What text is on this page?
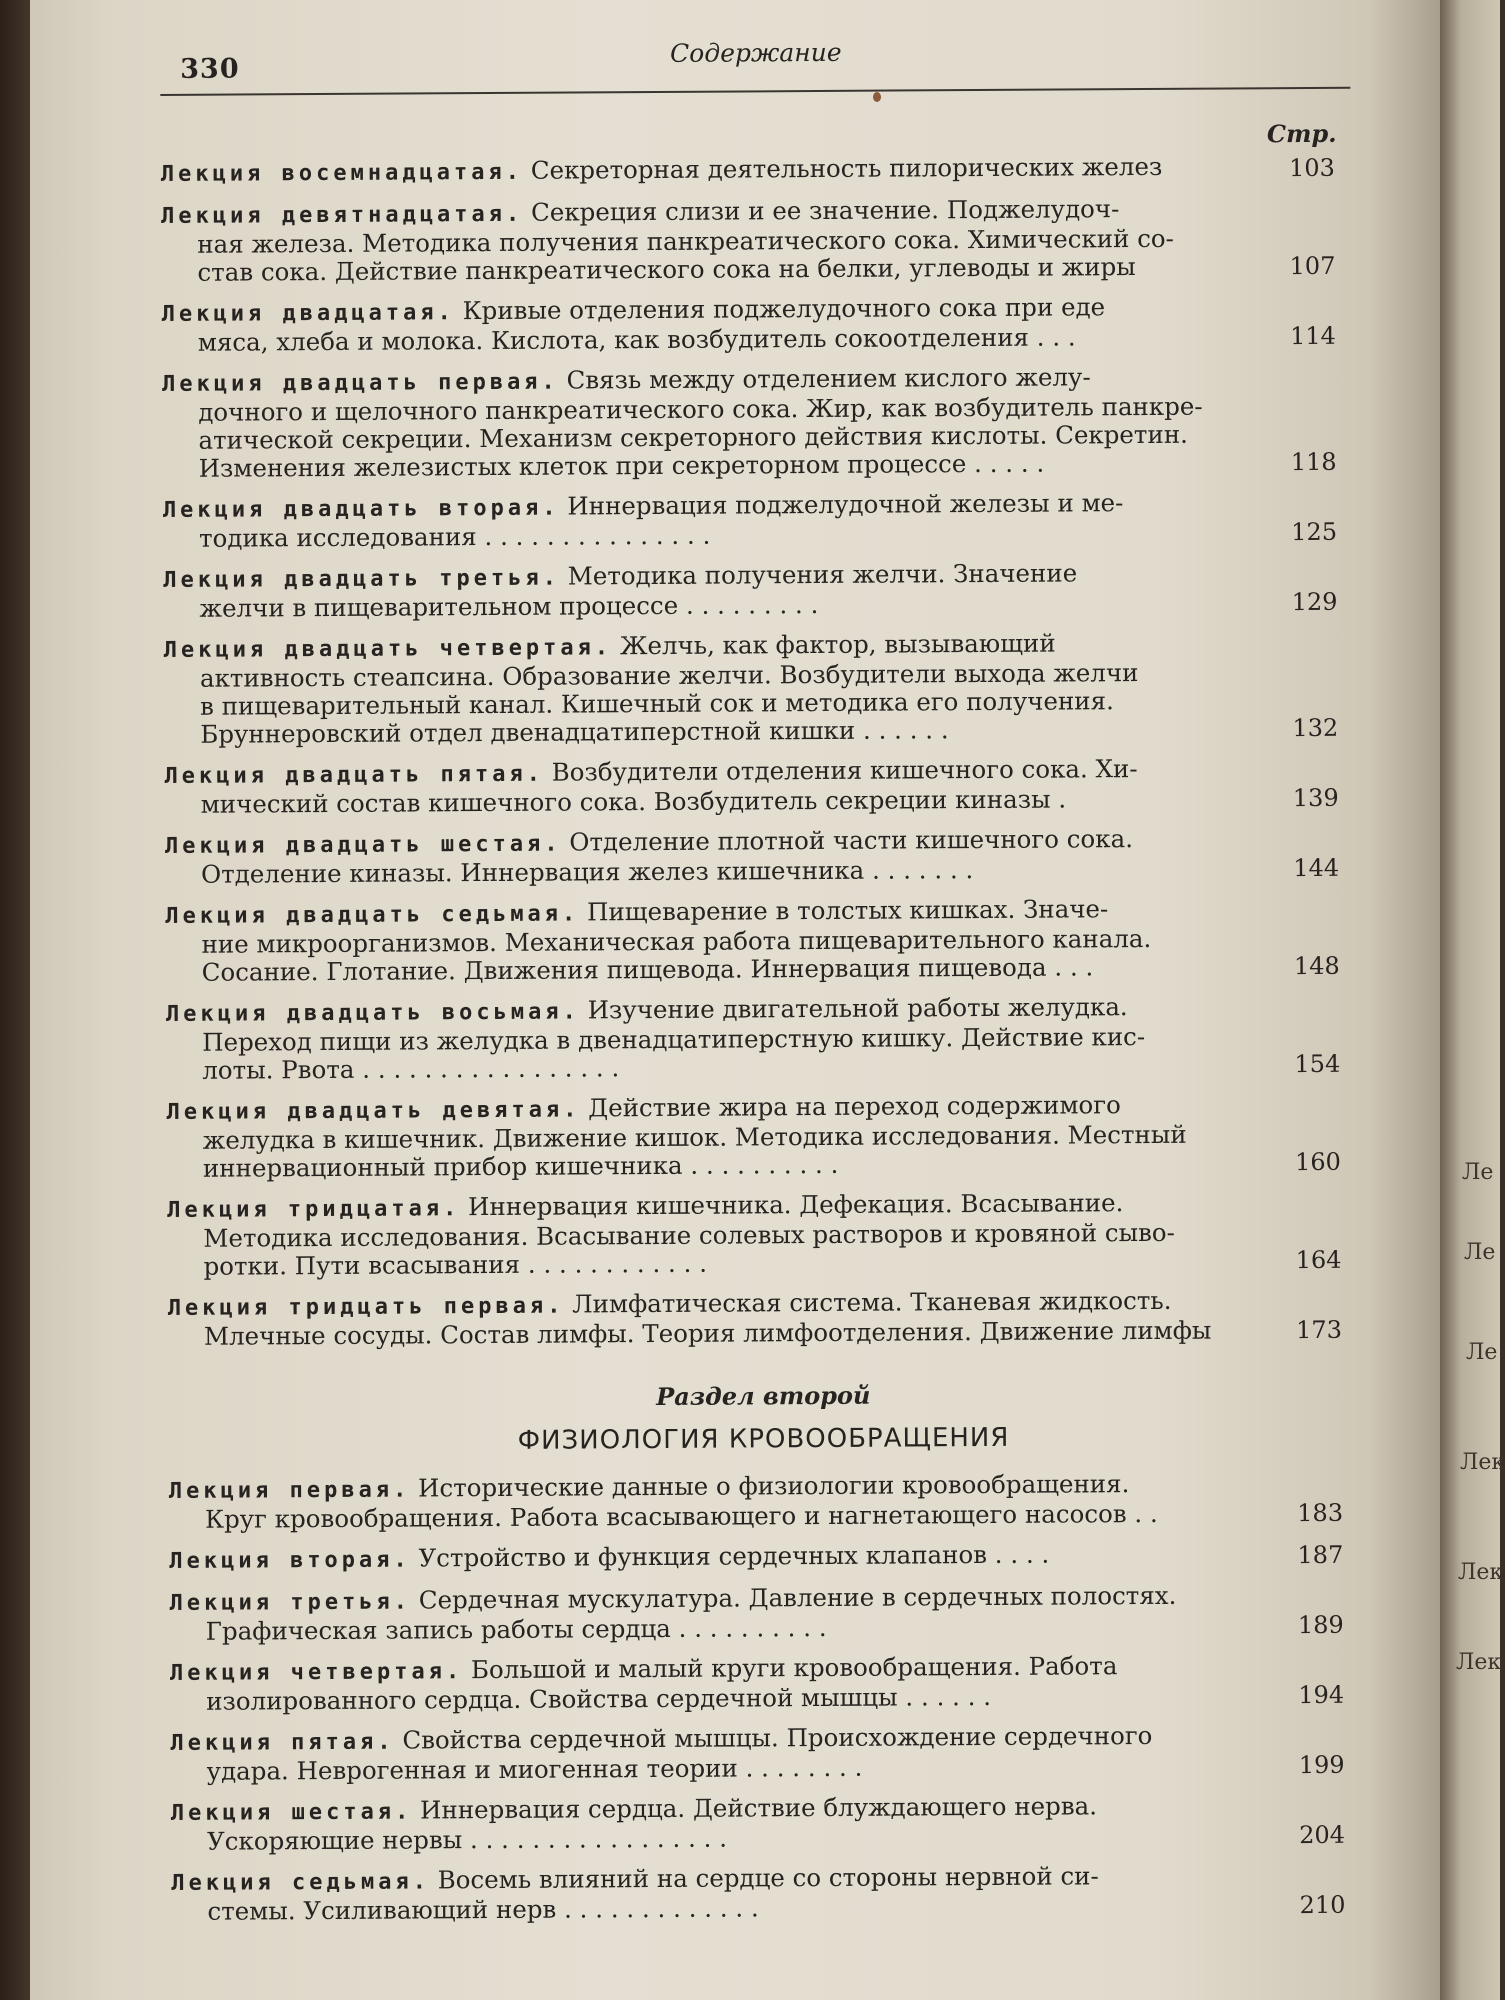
Ле
Ле
Ле
Лек
Лек
Лек
330
Содержание
Стр.
Лекция восемнадцатая. Секреторная деятельность пилорических желез	103
Лекция девятнадцатая. Секреция слизи и ее значение. Поджелудоч-
ная железа. Методика получения панкреатического сока. Химический со-
став сока. Действие панкреатического сока на белки, углеводы и жиры	107
Лекция двадцатая. Кривые отделения поджелудочного сока при еде
мяса, хлеба и молока. Кислота, как возбудитель сокоотделения . . .	114
Лекция двадцать первая. Связь между отделением кислого желу-
дочного и щелочного панкреатического сока. Жир, как возбудитель панкре-
атической секреции. Механизм секреторного действия кислоты. Секретин.
Изменения железистых клеток при секреторном процессе . . . . .	118
Лекция двадцать вторая. Иннервация поджелудочной железы и ме-
тодика исследования . . . . . . . . . . . . . . .	125
Лекция двадцать третья. Методика получения желчи. Значение
желчи в пищеварительном процессе . . . . . . . . .	129
Лекция двадцать четвертая. Желчь, как фактор, вызывающий
активность стеапсина. Образование желчи. Возбудители выхода желчи
в пищеварительный канал. Кишечный сок и методика его получения.
Бруннеровский отдел двенадцатиперстной кишки . . . . . .	132
Лекция двадцать пятая. Возбудители отделения кишечного сока. Хи-
мический состав кишечного сока. Возбудитель секреции киназы .	139
Лекция двадцать шестая. Отделение плотной части кишечного сока.
Отделение киназы. Иннервация желез кишечника . . . . . . .	144
Лекция двадцать седьмая. Пищеварение в толстых кишках. Значе-
ние микроорганизмов. Механическая работа пищеварительного канала.
Сосание. Глотание. Движения пищевода. Иннервация пищевода . . .	148
Лекция двадцать восьмая. Изучение двигательной работы желудка.
Переход пищи из желудка в двенадцатиперстную кишку. Действие кис-
лоты. Рвота . . . . . . . . . . . . . . . . .	154
Лекция двадцать девятая. Действие жира на переход содержимого
желудка в кишечник. Движение кишок. Методика исследования. Местный
иннервационный прибор кишечника . . . . . . . . . .	160
Лекция тридцатая. Иннервация кишечника. Дефекация. Всасывание.
Методика исследования. Всасывание солевых растворов и кровяной сыво-
ротки. Пути всасывания . . . . . . . . . . . .	164
Лекция тридцать первая. Лимфатическая система. Тканевая жидкость.
Млечные сосуды. Состав лимфы. Теория лимфоотделения. Движение лимфы	173
Раздел второй
ФИЗИОЛОГИЯ КРОВООБРАЩЕНИЯ
Лекция первая. Исторические данные о физиологии кровообращения.
Круг кровообращения. Работа всасывающего и нагнетающего насосов . .	183
Лекция вторая. Устройство и функция сердечных клапанов . . . .	187
Лекция третья. Сердечная мускулатура. Давление в сердечных полостях.
Графическая запись работы сердца . . . . . . . . . .	189
Лекция четвертая. Большой и малый круги кровообращения. Работа
изолированного сердца. Свойства сердечной мышцы . . . . . .	194
Лекция пятая. Свойства сердечной мышцы. Происхождение сердечного
удара. Неврогенная и миогенная теории . . . . . . . .	199
Лекция шестая. Иннервация сердца. Действие блуждающего нерва.
Ускоряющие нервы . . . . . . . . . . . . . . . . .	204
Лекция седьмая. Восемь влияний на сердце со стороны нервной си-
стемы. Усиливающий нерв . . . . . . . . . . . . .	210
